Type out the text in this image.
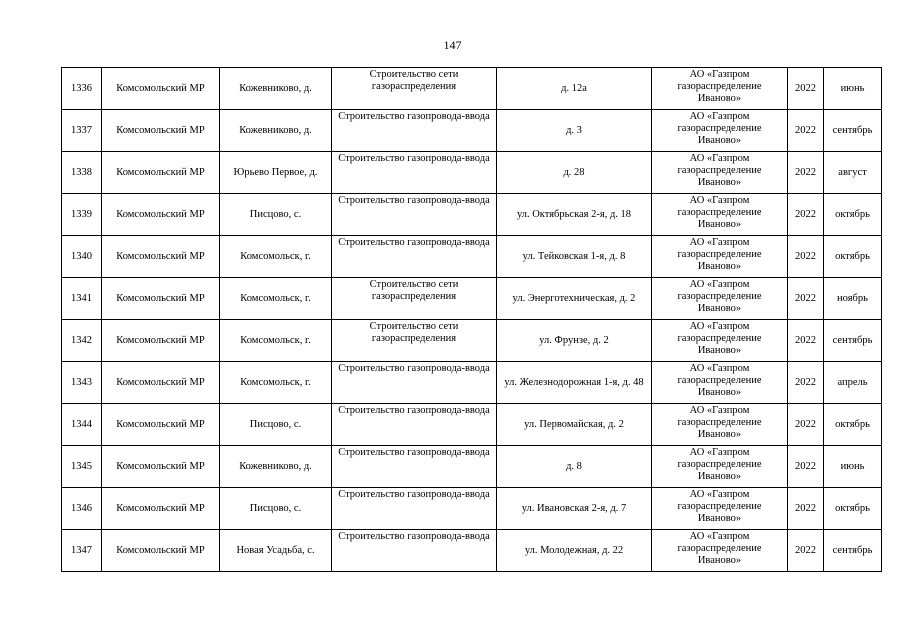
147
1336	Комсомольский МР	Кожевниково, д.	Строительство сети газораспределения	д. 12а	АО «Газпром газораспределение Иваново»	2022	июнь
1337	Комсомольский МР	Кожевниково, д.	Строительство газопровода-ввода	д. 3	АО «Газпром газораспределение Иваново»	2022	сентябрь
1338	Комсомольский МР	Юрьево Первое, д.	Строительство газопровода-ввода	д. 28	АО «Газпром газораспределение Иваново»	2022	август
1339	Комсомольский МР	Писцово, с.	Строительство газопровода-ввода	ул. Октябрьская 2-я, д. 18	АО «Газпром газораспределение Иваново»	2022	октябрь
1340	Комсомольский МР	Комсомольск, г.	Строительство газопровода-ввода	ул. Тейковская 1-я, д. 8	АО «Газпром газораспределение Иваново»	2022	октябрь
1341	Комсомольский МР	Комсомольск, г.	Строительство сети газораспределения	ул. Энерготехническая, д. 2	АО «Газпром газораспределение Иваново»	2022	ноябрь
1342	Комсомольский МР	Комсомольск, г.	Строительство сети газораспределения	ул. Фрунзе, д. 2	АО «Газпром газораспределение Иваново»	2022	сентябрь
1343	Комсомольский МР	Комсомольск, г.	Строительство газопровода-ввода	ул. Железнодорожная 1-я, д. 48	АО «Газпром газораспределение Иваново»	2022	апрель
1344	Комсомольский МР	Писцово, с.	Строительство газопровода-ввода	ул. Первомайская, д. 2	АО «Газпром газораспределение Иваново»	2022	октябрь
1345	Комсомольский МР	Кожевниково, д.	Строительство газопровода-ввода	д. 8	АО «Газпром газораспределение Иваново»	2022	июнь
1346	Комсомольский МР	Писцово, с.	Строительство газопровода-ввода	ул. Ивановская 2-я, д. 7	АО «Газпром газораспределение Иваново»	2022	октябрь
1347	Комсомольский МР	Новая Усадьба, с.	Строительство газопровода-ввода	ул. Молодежная, д. 22	АО «Газпром газораспределение Иваново»	2022	сентябрь
